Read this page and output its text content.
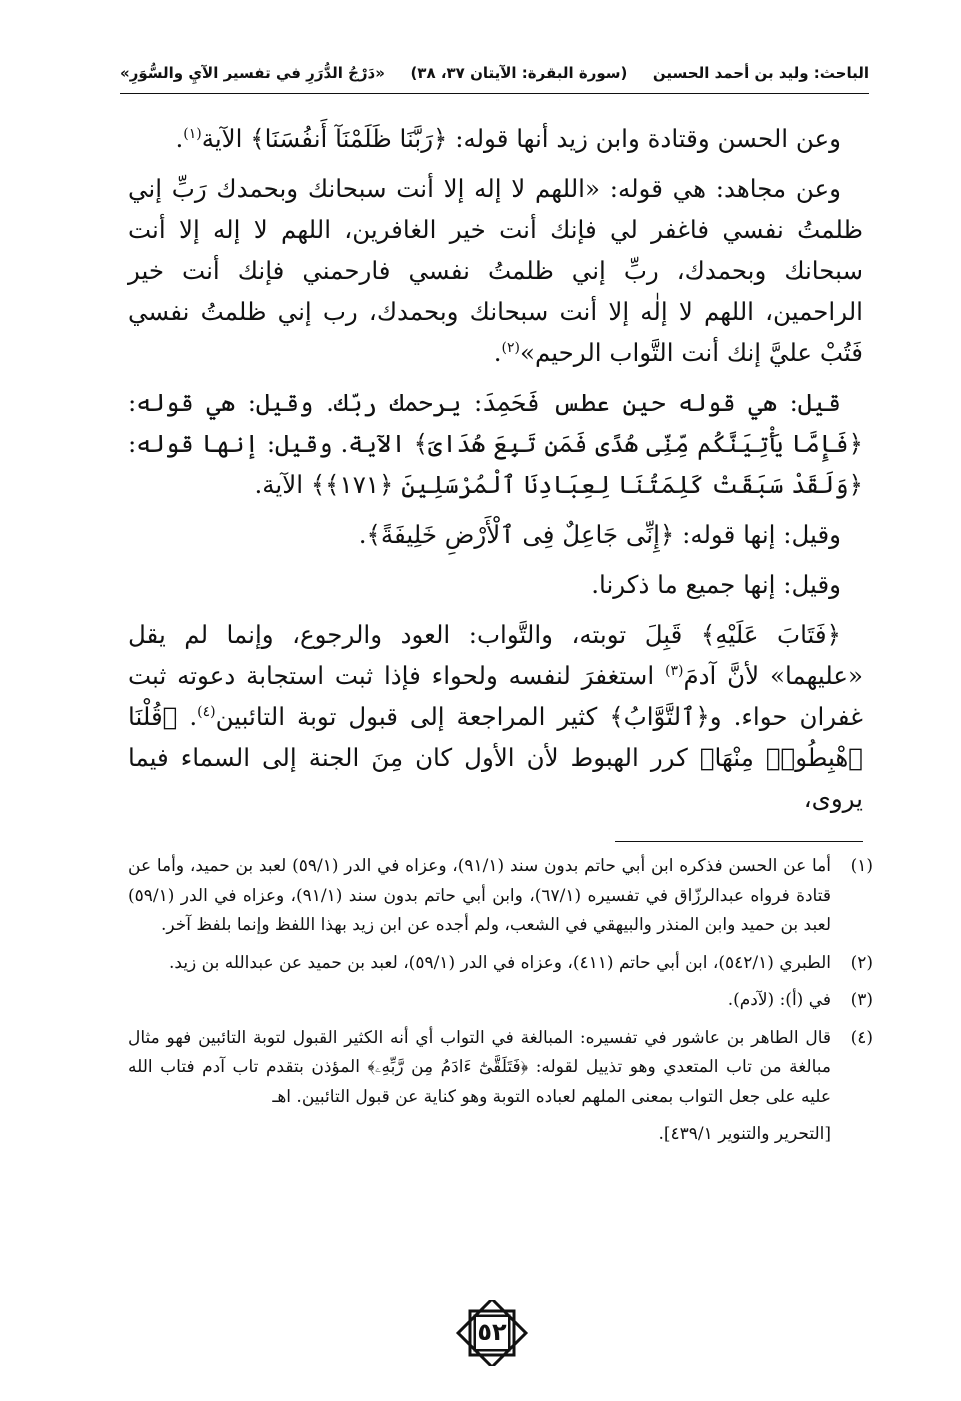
الباحث: وليد بن أحمد الحسين
(سورة البقرة: الآيتان ٣٧، ٣٨)
«دَرْجُ الدُّرَرِ في تفسير الآيِ والسُّوَرِ»

وعن الحسن وقتادة وابن زيد أنها قوله: ﴿رَبَّنَا ظَلَمْنَآ أَنفُسَنَا﴾ الآية$^{(١)}$.

وعن مجاهد: هي قوله: «اللهم لا إله إلا أنت سبحانك وبحمدك رَبِّ إني ظلمتُ نفسي فاغفر لي فإنك أنت خير الغافرين، اللهم لا إله إلا أنت سبحانك وبحمدك، ربِّ إني ظلمتُ نفسي فارحمني فإنك أنت خير الراحمين، اللهم لا إلٰه إلا أنت سبحانك وبحمدك، رب إني ظلمتُ نفسي فَتُبْ عليَّ إنك أنت التَّواب الرحيم»$^{(٢)}$.

قيل: هي قوله حين عطس فَحَمِدَ: يرحمك ربّك. وقيل: هي قوله: ﴿فَإِمَّا يَأْتِيَنَّكُم مِّنِّى هُدًى فَمَن تَبِعَ هُدَاىَ﴾ الآية. وقيل: إنها قوله: ﴿وَلَقَدْ سَبَقَتْ كَلِمَتُنَا لِعِبَادِنَا ٱلْمُرْسَلِينَ ﴿١٧١﴾﴾ الآية.

وقيل: إنها قوله: ﴿إِنِّى جَاعِلٌ فِى ٱلْأَرْضِ خَلِيفَةً﴾.

وقيل: إنها جميع ما ذكرنا.

﴿فَتَابَ عَلَيْهِ﴾ قَبِلَ توبته، والتَّواب: العود والرجوع، وإنما لم يقل «عليهما» لأنَّ آدمَ$^{(٣)}$ استغفرَ لنفسه ولحواء فإذا ثبت استجابة دعوته ثبت غفران حواء. و﴿ٱلتَّوَّابُ﴾ كثير المراجعة إلى قبول توبة التائبين$^{(٤)}$. ﴿قُلْنَا ٱهْبِطُوا۟ مِنْهَا﴾ كرر الهبوط لأن الأول كان مِنَ الجنة إلى السماء فيما يروى،

(١)
أما عن الحسن فذكره ابن أبي حاتم بدون سند (٩١/١)، وعزاه في الدر (٥٩/١) لعبد بن حميد، وأما عن قتادة فرواه عبدالرزّاق في تفسيره (٦٧/١)، وابن أبي حاتم بدون سند (٩١/١)، وعزاه في الدر (٥٩/١) لعبد بن حميد وابن المنذر والبيهقي في الشعب، ولم أجده عن ابن زيد بهذا اللفظ وإنما بلفظ آخر.
(٢)
الطبري (٥٤٢/١)، ابن أبي حاتم (٤١١)، وعزاه في الدر (٥٩/١)، لعبد بن حميد عن عبدالله بن زيد.
(٣)
في (أ): (لآدم).
(٤)
قال الطاهر بن عاشور في تفسيره: المبالغة في التواب أي أنه الكثير القبول لتوبة التائبين فهو مثال مبالغة من تاب المتعدي وهو تذييل لقوله: ﴿فَتَلَقَّىٰٓ ءَادَمُ مِن رَّبِّهِۦ﴾ المؤذن بتقدم تاب آدم فتاب الله عليه على جعل التواب بمعنى الملهم لعباده التوبة وهو كناية عن قبول التائبين. اهـ
[التحرير والتنوير ٤٣٩/١].
٥٢
